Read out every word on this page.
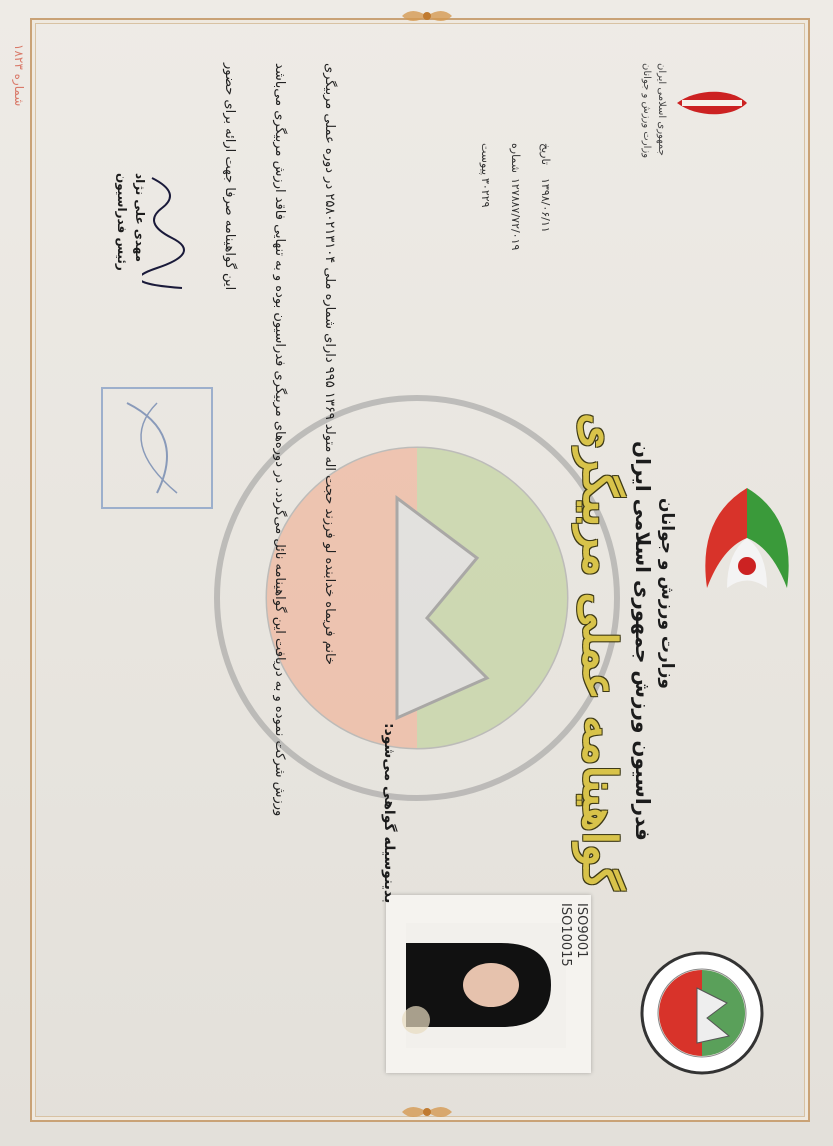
۱۸۲۳ شماره	جمهوری اسلامی ایران
وزارت ورزش و جوانان
وزارت ورزش و جوانان
فدراسیون ورزش جمهوری اسلامی ایران
گواهینامه عملی مربیگری
ISO9001
ISO10015
تاریخ
۱۳۹۸/۰۶/۱۱
شماره
۱۲۷۸۸۷/۷۲/۰۱۹
پیوست
۳۰۲۲۹
بدینوسیله گواهی می‌شود:
خانم فریماه خدابنده لو فرزند حجت اله متولد ۱۳۶۹ ۹۹۵ دارای شماره ملی ۲۵۸۰۲۱۳۱۰۴ در دوره عملی مربیگری
ورزش شرکت نموده و به دریافت این گواهینامه نائل می‌گردد. در دوره‌های مربیگری فدراسیون بوده و به تنهایی فاقد ارزش مربیگری می‌باشد
این گواهینامه صرفا جهت ارائه برای حضور
مهدی علی نژاد
رئیس فدراسیون
